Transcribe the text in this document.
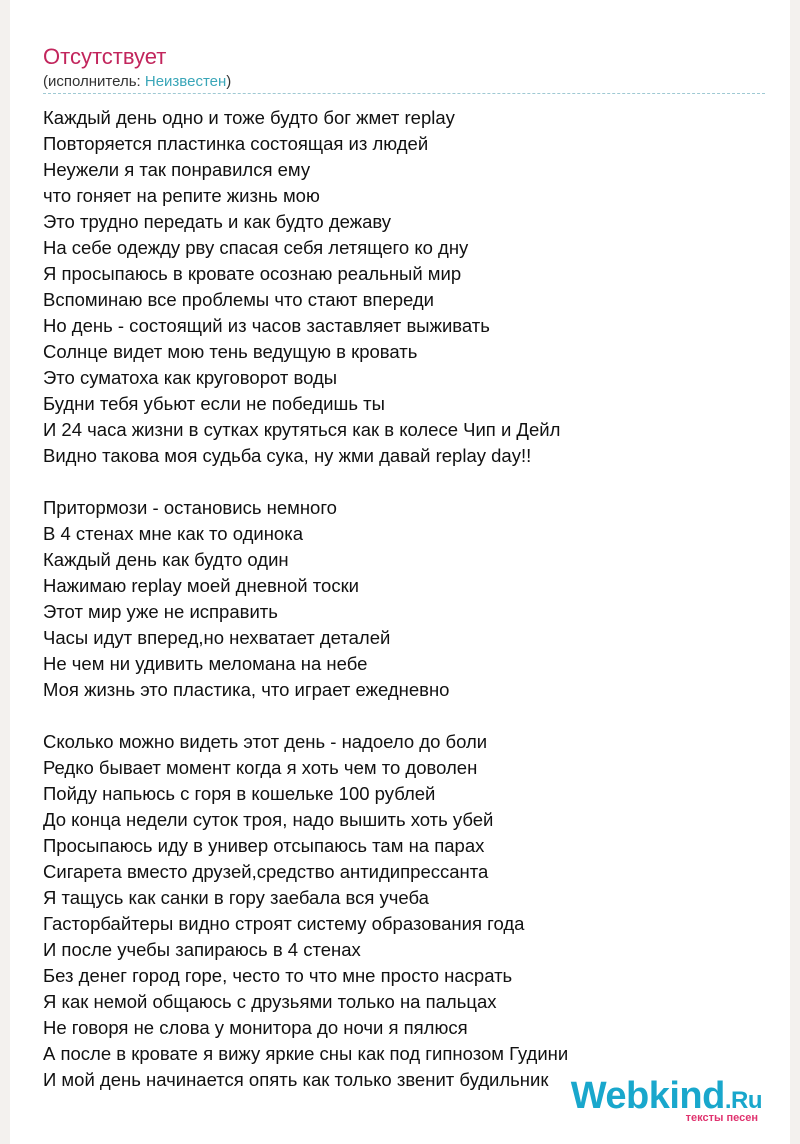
Отсутствует
(исполнитель: Неизвестен)
Каждый день одно и тоже будто бог жмет replay
Повторяется пластинка состоящая из людей
Неужели я так понравился ему
что гоняет на репите жизнь мою
Это трудно передать и как будто дежаву
На себе одежду рву спасая себя летящего ко дну
Я просыпаюсь в кровате осознаю реальный мир
Вспоминаю все проблемы что стают впереди
Но день - состоящий из часов заставляет выживать
Солнце видет мою тень ведущую в кровать
Это суматоха как круговорот воды
Будни тебя убьют если не победишь ты
И 24 часа жизни в сутках крутяться как в колесе Чип и Дейл
Видно такова моя судьба сука, ну жми давай replay day!!
Притормози - остановись немного
В 4 стенах мне как то одинока
Каждый день как будто один
Нажимаю replay моей дневной тоски
Этот мир уже не исправить
Часы идут вперед,но нехватает деталей
Не чем ни удивить меломана на небе
Моя жизнь это пластика, что играет ежедневно
Сколько можно видеть этот день - надоело до боли
Редко бывает момент когда я хоть чем то доволен
Пойду напьюсь с горя в кошельке 100 рублей
До конца недели суток троя, надо вышить хоть убей
Просыпаюсь иду в универ отсыпаюсь там на парах
Сигарета вместо друзей,средство антидипрессанта
Я тащусь как санки в гору заебала вся учеба
Гасторбайтеры видно строят систему образования года
И после учебы запираюсь в 4 стенах
Без денег город горе, често то что мне просто насрать
Я как немой общаюсь с друзьями только на пальцах
Не говоря не слова у монитора до ночи я пялюся
А после в кровате я вижу яркие сны как под гипнозом Гудини
И мой день начинается опять как только звенит будильник Webkind.Ru
тексты песен
